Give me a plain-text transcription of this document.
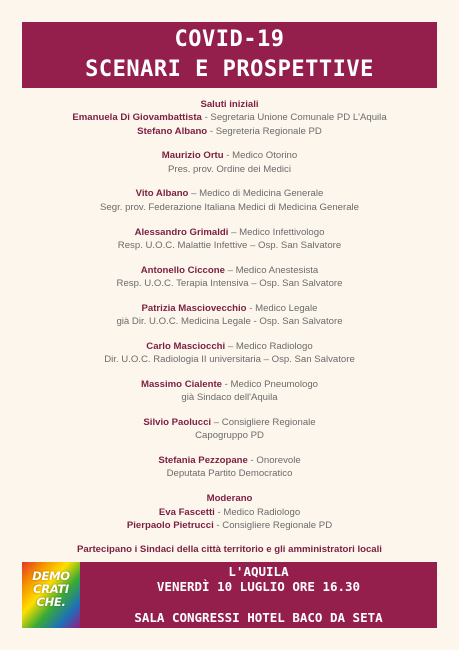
COVID-19
SCENARI E PROSPETTIVE
Saluti iniziali
Emanuela Di Giovambattista - Segretaria Unione Comunale PD L'Aquila
Stefano Albano - Segreteria Regionale PD
Maurizio Ortu - Medico Otorino
Pres. prov. Ordine dei Medici
Vito Albano – Medico di Medicina Generale
Segr. prov. Federazione Italiana Medici di Medicina Generale
Alessandro Grimaldi – Medico Infettivologo
Resp. U.O.C. Malattie Infettive – Osp. San Salvatore
Antonello Ciccone – Medico Anestesista
Resp. U.O.C. Terapia Intensiva – Osp. San Salvatore
Patrizia Masciovecchio - Medico Legale
già Dir. U.O.C. Medicina Legale - Osp. San Salvatore
Carlo Masciocchi – Medico Radiologo
Dir. U.O.C. Radiologia II universitaria – Osp. San Salvatore
Massimo Cialente - Medico Pneumologo
già Sindaco dell'Aquila
Silvio Paolucci – Consigliere Regionale
Capogruppo PD
Stefania Pezzopane - Onorevole
Deputata Partito Democratico
Moderano
Eva Fascetti - Medico Radiologo
Pierpaolo Pietrucci - Consigliere Regionale PD
Partecipano i Sindaci della città territorio e gli amministratori locali
DEMO
CRATI
CHE.
L'AQUILA
VENERDÌ 10 LUGLIO ORE 16.30
SALA CONGRESSI HOTEL BACO DA SETA
